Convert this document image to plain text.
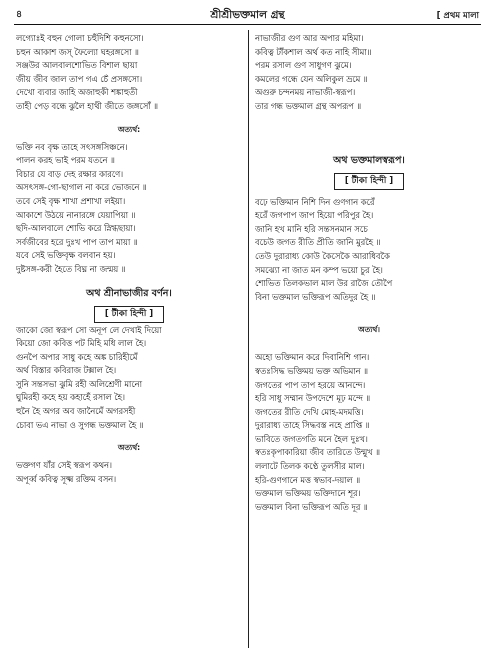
৪	শ্রীশ্রীভক্তমাল গ্রন্থ	[ প্রথম মালা
লগ্যোঃই বহুন গোলা চহুঁদিশি কহুনসো।
চহুন আকাশ জস্ ফৈল্যো ঘহরঙ্গসো ॥
সঞ্জউর আলবালশোভিত বিশাল ছায়া
জীয় জীব জাল তাপ গএ চেঁ প্রসঙ্গসো।
দেখো ব্যবার জাহি অজাহুকী শঙ্কাহুতী
তাহী পেড় বন্ধে ঝুলৈ হাথী জীতে জঙ্গসোঁ ॥
অত্যর্থ:
ভক্তি নব বৃক্ষ তাহে সৎসঙ্গসিঞ্চনে।
পালন করহ ভাই পরম যতনে ॥
বিচার যে বাড় দেহ রক্ষার কারণে।
অসৎসঙ্গ-গো-ছাগাল না করে ভোজনে ॥
তবে সেই বৃক্ষ শাখা প্রশাখা লইয়া।
আকাশে উঠয়ে নানারঙ্গে যেয়াপিয়া ॥
ছদি-আলবালে শোভি করে স্নিগ্ধছায়া।
সর্বজীবের হরে দুঃখ পাপ তাপ মায়া ॥
যবে সেই ভক্তিবৃক্ষ বলবান হয়।
দুষ্টসঙ্গ-করী হৈতে বিঘ্ন না জন্ময় ॥
অথ শ্রীনাভাজীর বর্ণন।
[ টীকা হিন্দী ]
জাকো জো স্বরূপ সো অনূপ লে দেখাই দিয়ো
কিয়ো জো কবিত্ত পট মিহি মধি লাল হৈ।
গুনপৈ অপার সাধু কহে অঙ্ক চারিহীমেঁ
অর্থ বিস্তার কবিরাজ টক্সাল হৈ।
সুনি সন্তসভা ঝুমি রহী অলিশ্রেণী মানো
ঘুমিরহী কহে হয় কহাহেঁ রসাল হৈ।
হুনৈ হৈ অগর অব জানৈমেঁ অগরসহী
চোবা ভএ নাভা ও সুগন্ধ ভক্তমাল হৈ ॥
অত্যর্থ:
ভক্তগণ যাঁর সেই স্বরূপ কথন।
অপূর্ব্ব কবিত্ব সূক্ষ্ম রক্তিম বসন।
নাভাজীর গুণ আর অপার মহিমা।
কবিত্ব টাঁকশাল অর্থ কত নাহি সীমা॥
পরম রসাল গুণ সাধুগণ ঝুমে।
কমলের গন্ধে যেন অলিকুল ভ্রমে ॥
অগুরু চন্দনময় নাভাজী-স্বরূপ।
তার গন্ধ ভক্তমাল গ্রন্থ অপরূপ ॥
অথ ভক্তমালস্বরূপ।
[ টীকা হিন্দী ]
বঢ়ে ভক্তিমান নিশি দিন গুণগান করেঁ
হরেঁ জগপাপ জাপ হিয়ো পরিপুর হৈ।
জানি হখ মানি হরি সন্তসনমান সচে
বচেউ জগত রীতি প্রীতি জানি মুরহৈ ॥
তেউ দুরারাধ্য কোউ কৈসেকৈ আরাধিবকৈ
সমঝ্যো না জাত মন কম্প ভয়ো চুর হৈ।
শোভিত তিলকভাল মাল উর রাজৈ তৌপৈ
বিনা ভক্তমাল ভক্তিরূপ অতিদুর হৈ ॥
অত্যর্থ।
অহো ভক্তিমান করে দিবানিশি গান।
স্বতঃসিদ্ধ ভক্তিময় ভক্ত অভিমান ॥
জগতের পাপ তাপ হরয়ে আনন্দে।
হরি সাধু সম্মান উপদেশে মূঢ় মন্দে ॥
জগতের রীতি দেখি মোহ-মদমত্তি।
দুরারাধ্য তাহে সিদ্ধবস্ত নহে প্রাপ্তি ॥
ভাবিতে জগতগতি মনে হৈল দুঃখ।
স্বতঃকৃপাকারিয়া জীব তারিতে উন্মুখ ॥
ললাটে তিলক কণ্ঠে তুলসীর মাল।
হরি-গুণগানে মত্ত স্বভাব-দয়াল ॥
ভক্তমাল ভক্তিময় ভক্তিদানে শূর।
ভক্তমাল বিনা ভক্তিরূপ অতি দূর ॥
